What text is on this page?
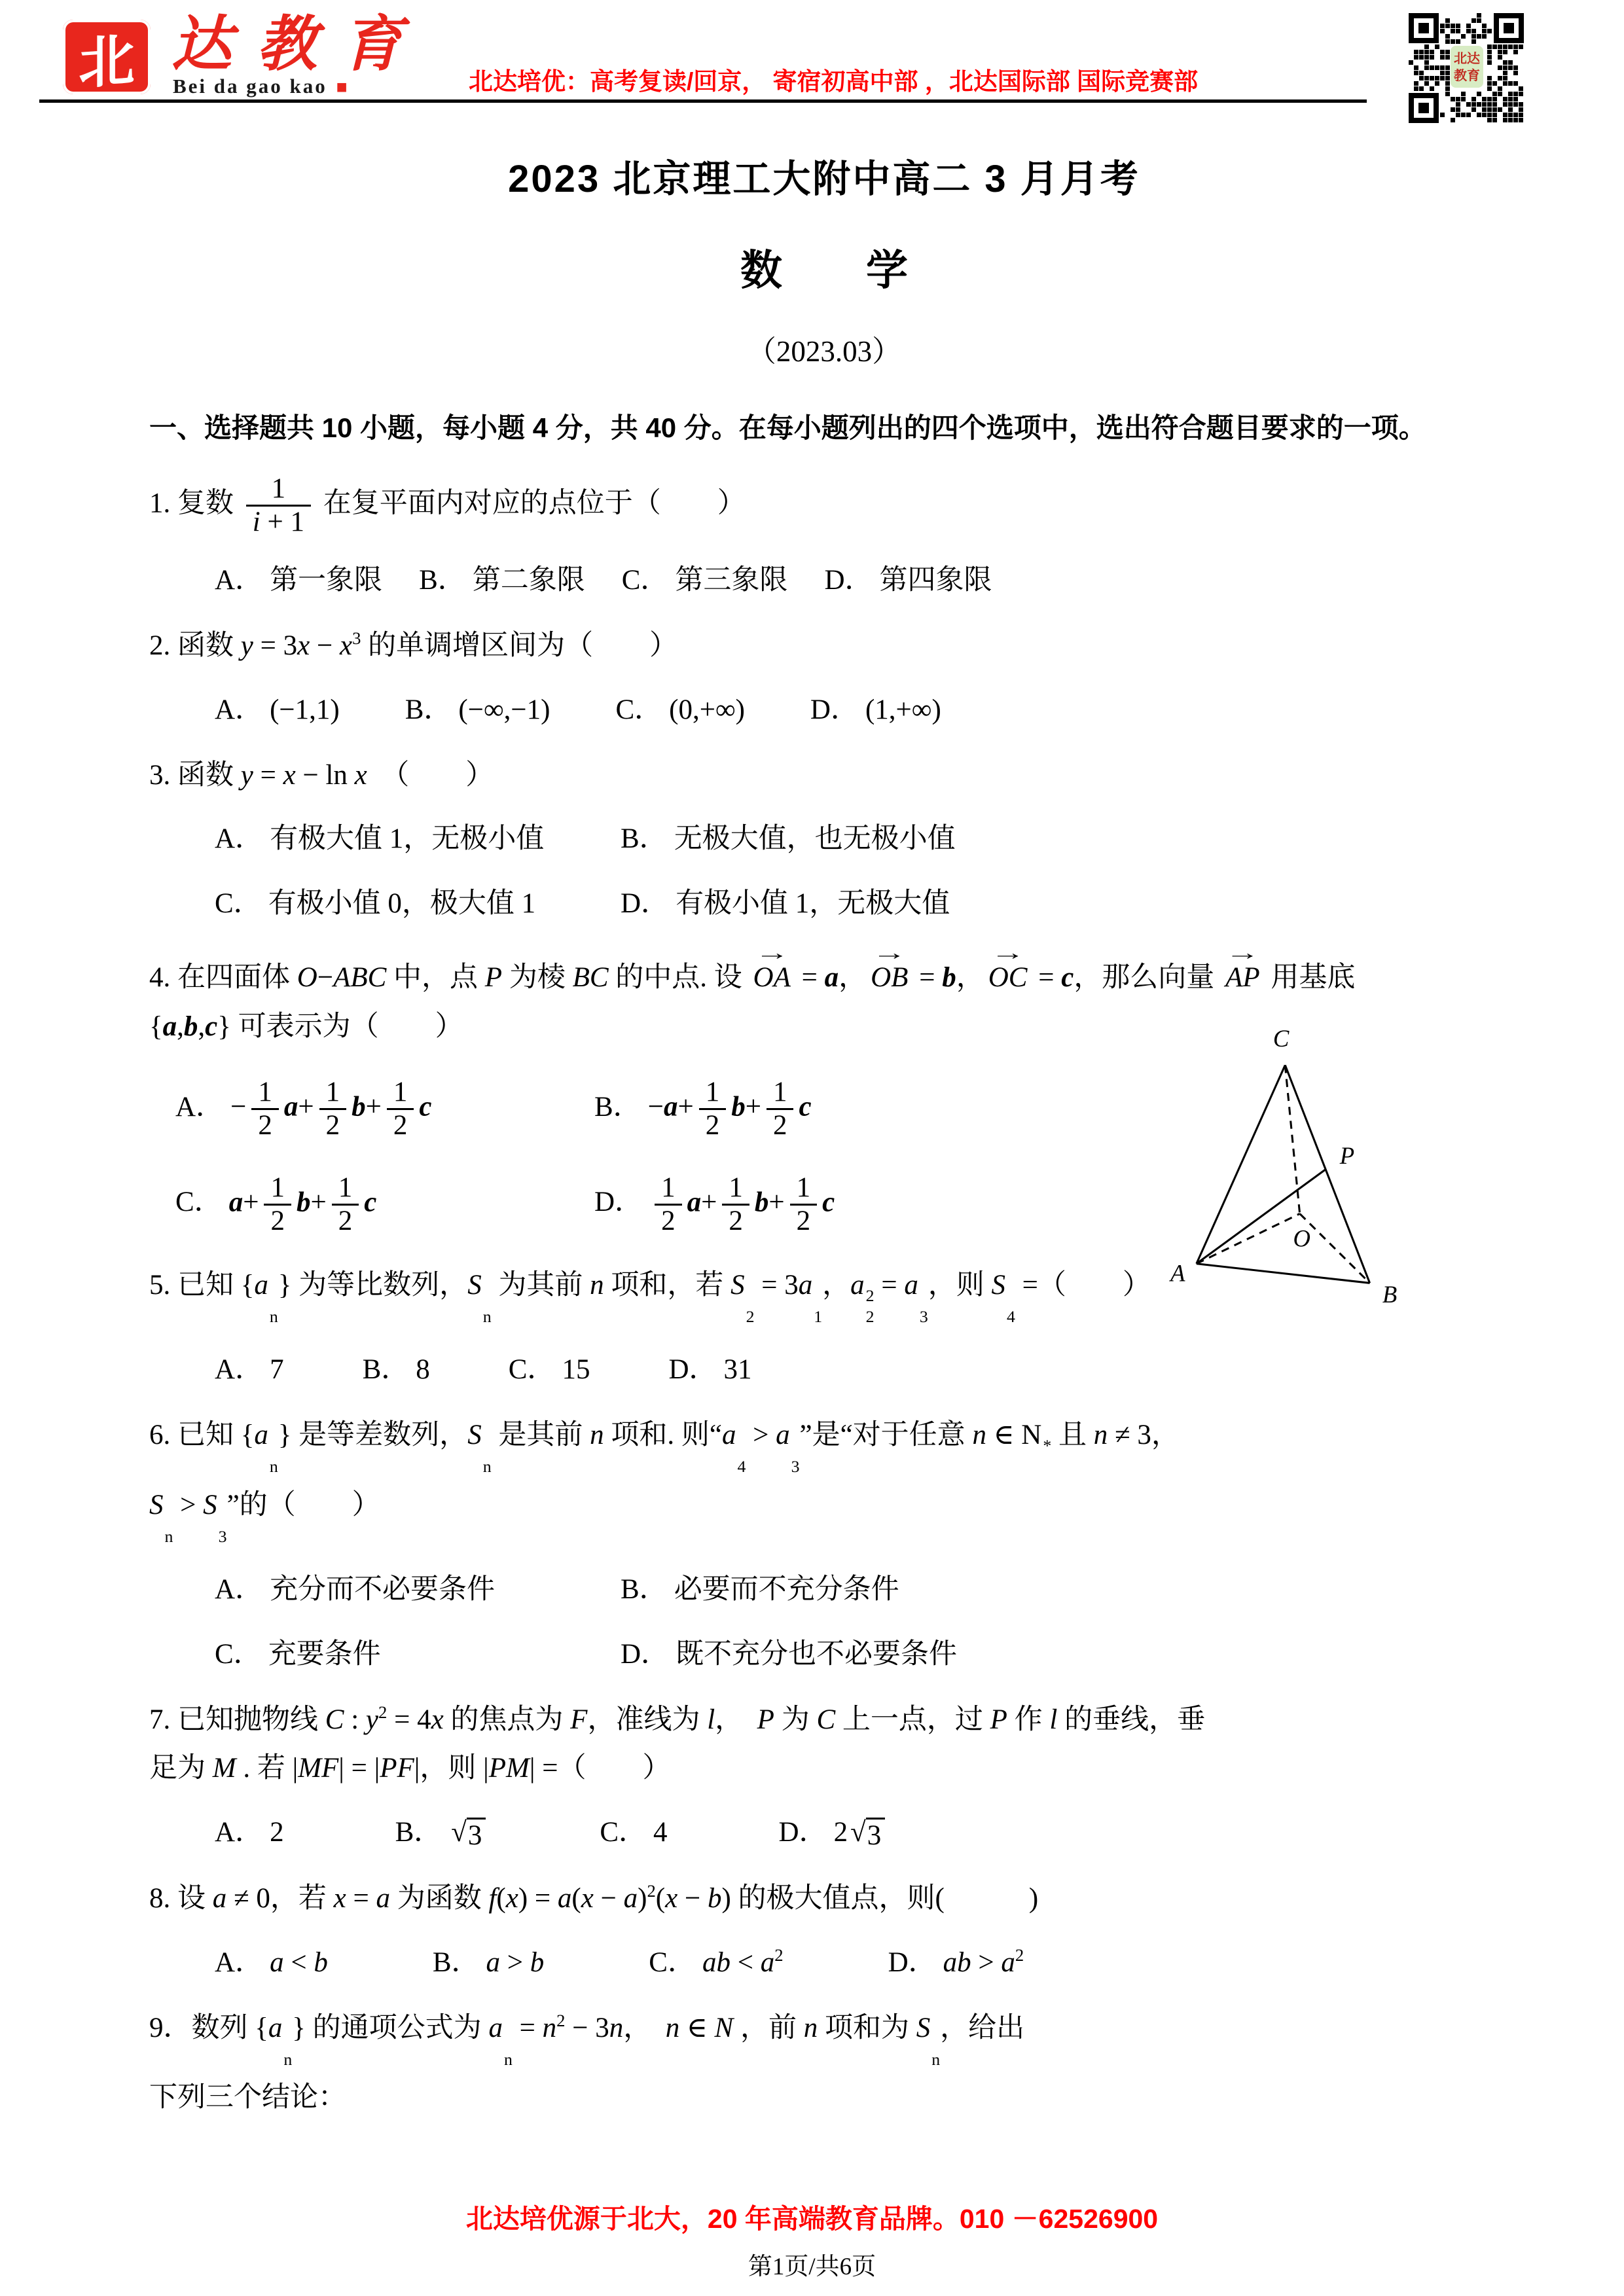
北 达教育
Bei da gao kao ■	北达培优：高考复读/回京， 寄宿初高中部 ，北达国际部 国际竞赛部
北达
教育
2023 北京理工大附中高二 3 月月考
数　　学
（2023.03）
一、选择题共 10 小题，每小题 4 分，共 40 分。在每小题列出的四个选项中，选出符合题目要求的一项。
1. 复数 $\frac{1}{i + 1}$ 在复平面内对应的点位于（　　）
A． 第一象限 B． 第二象限 C． 第三象限 D． 第四象限
2. 函数 $y = 3x - x^3$ 的单调增区间为（　　）
A． (−1,1) B． (−∞,−1) C． (0,+∞) D． (1,+∞)
3. 函数 y = x − ln x　（　　）
A． 有极大值 1，无极小值	B． 无极大值，也无极小值
C． 有极小值 0，极大值 1	D． 有极小值 1，无极大值
4. 在四面体 O−ABC 中，点 P 为棱 BC 的中点. 设
→
OA = a，
→
OB = b，
→
OC = c，那么向量
→
AP 用基底
{a,b,c} 可表示为（　　）
A． − $\frac{1}{2} a+ \frac{1}{2} b+ \frac{1}{2}$ c	B． $-a+ \frac{1}{2} b+ \frac{1}{2}$ c
C． $a+ \frac{1}{2} b+ \frac{1}{2}$ c	D． $\frac{1}{2} a+ \frac{1}{2} b+ \frac{1}{2}$ c
C
P
O
A
B
5. 已知 {a

n
} 为等比数列，S

n
为其前 n 项和，若 S

2
= 3a

1
，a 2
2
= a

3
，则 S

4
=（　　）
A． 7	B． 8	C． 15	D． 31
6. 已知 {a

n
} 是等差数列，S

n
是其前 n 项和. 则“a

4
> a

3
”是“对于任意 n ∈ N *
且 n ≠ 3，
S

n
> S

3
”的（　　）
A． 充分而不必要条件	B． 必要而不充分条件
C． 充要条件	D． 既不充分也不必要条件
7. 已知抛物线 C : $y^2 = 4x$ 的焦点为 F，准线为 l，　P 为 C 上一点，过 P 作 l 的垂线，垂
足为 M . 若 |MF| = |PF|，则 |PM| =（　　）
A． 2	B． √ 3	C． 4	D． 2 √ 3
8. 设 a ≠ 0，若 x = a 为函数 $f(x) = a(x - a)^2(x - b)$ 的极大值点，则(　　　)
A． a < b	B． a > b	C． ab < $a^2$	D． ab > $a^2$
9．数列 {a

n
} 的通项公式为 a

n
= $n^2 - 3n$，　n ∈ N ，前 n 项和为 S

n
，给出
下列三个结论：
北达培优源于北大，20 年高端教育品牌。010 －62526900
第1页/共6页
